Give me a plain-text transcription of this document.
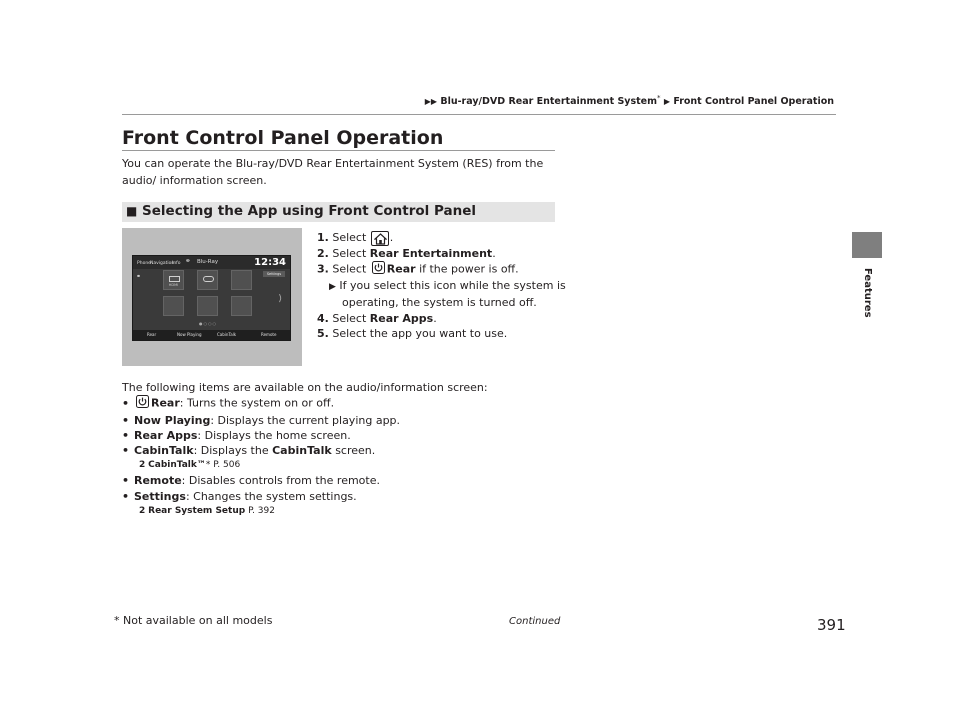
▶▶ Blu-ray/DVD Rear Entertainment System* ▶ Front Control Panel Operation
Features
Front Control Panel Operation
You can operate the Blu-ray/DVD Rear Entertainment System (RES) from the audio/ information screen.
■ Selecting the App using Front Control Panel
Phone Navigation
Info ⚭ Blu-Ray	12:34
⚭	Settings
HDMI
⟩
●○○○
Rear	Now Playing	CabinTalk	Remote
1. Select .
2. Select Rear Entertainment.
3. Select Rear if the power is off.
▶ If you select this icon while the system is
operating, the system is turned off.
4. Select Rear Apps.
5. Select the app you want to use.
The following items are available on the audio/information screen:
• Rear: Turns the system on or off.
• Now Playing: Displays the current playing app.
• Rear Apps: Displays the home screen.
• CabinTalk: Displays the CabinTalk screen.
2 CabinTalk™* P. 506
• Remote: Disables controls from the remote.
• Settings: Changes the system settings.
2 Rear System Setup P. 392
* Not available on all models	Continued	391
